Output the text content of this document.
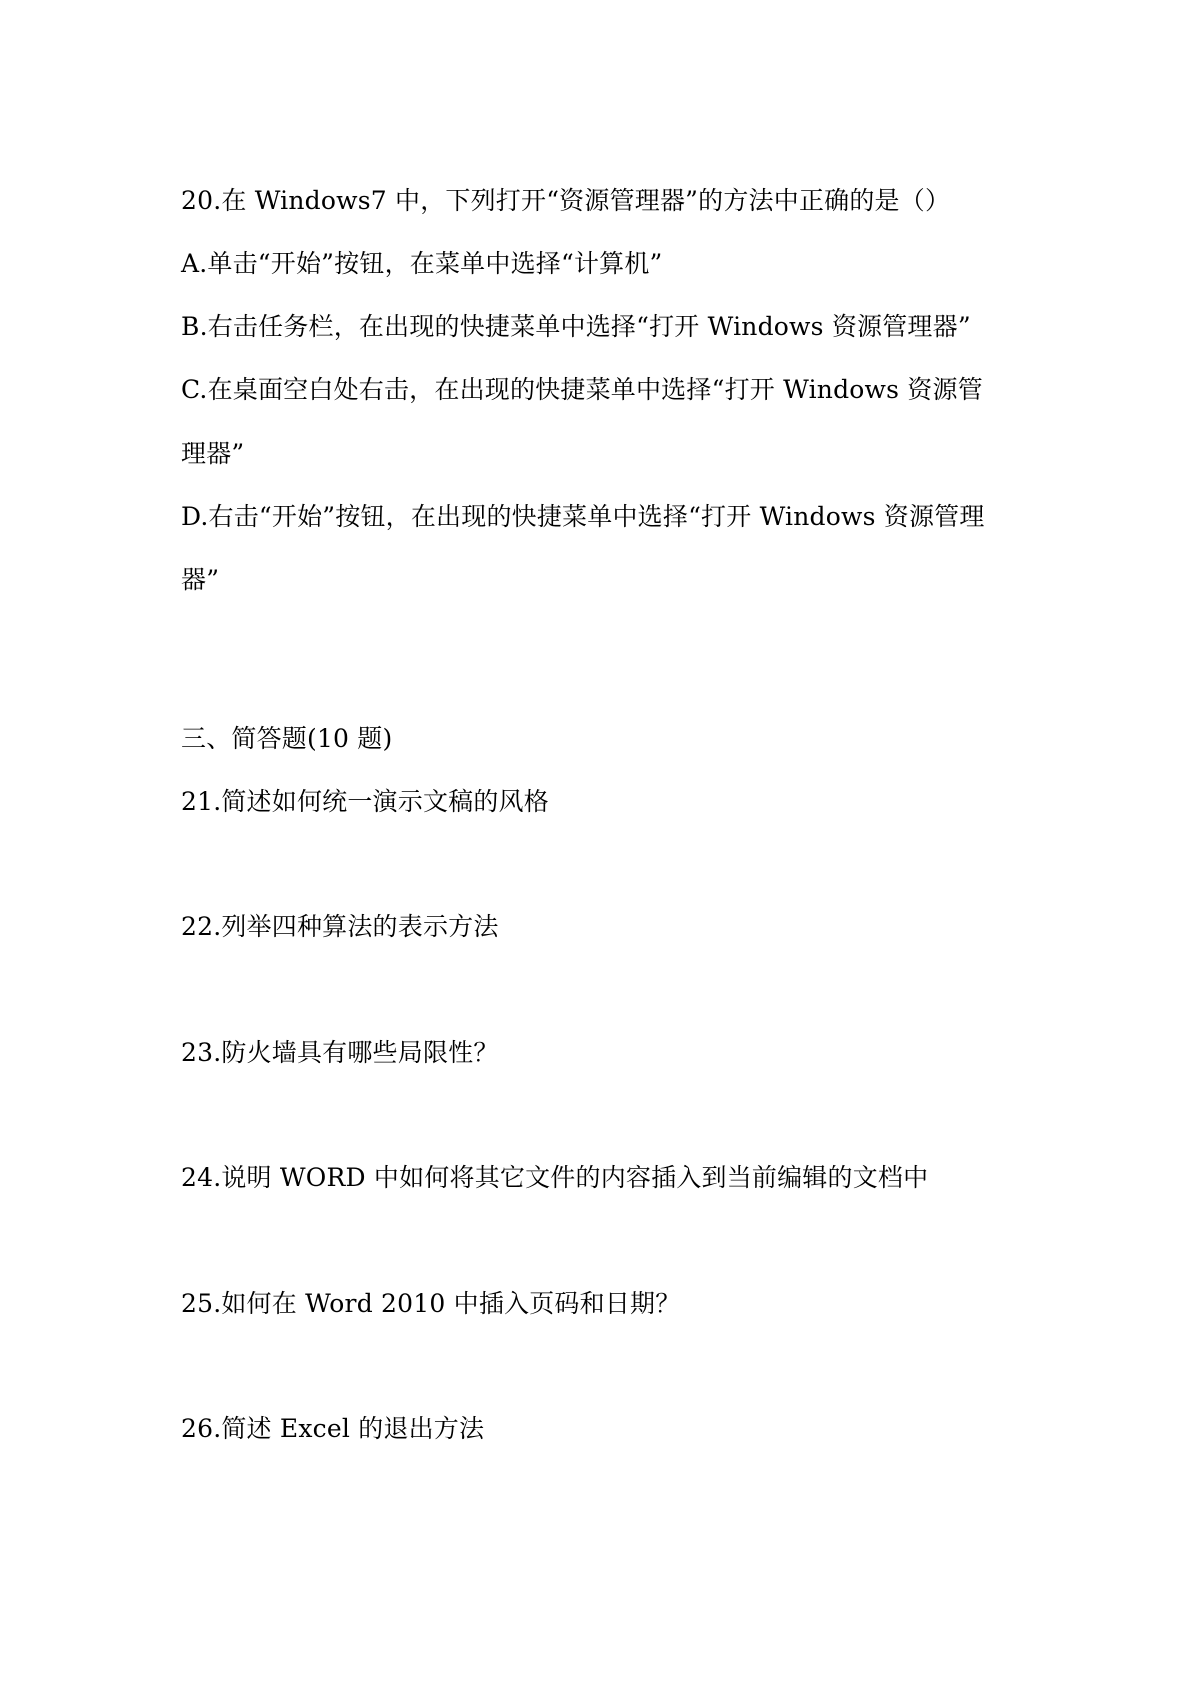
20.在 Windows7 中，下列打开“资源管理器”的方法中正确的是（）
A.单击“开始”按钮，在菜单中选择“计算机”
B.右击任务栏，在出现的快捷菜单中选择“打开 Windows 资源管理器”
C.在桌面空白处右击，在出现的快捷菜单中选择“打开 Windows 资源管
理器”
D.右击“开始”按钮，在出现的快捷菜单中选择“打开 Windows 资源管理
器”
三、简答题(10 题)
21.简述如何统一演示文稿的风格
22.列举四种算法的表示方法
23.防火墙具有哪些局限性？
24.说明 WORD 中如何将其它文件的内容插入到当前编辑的文档中
25.如何在 Word 2010 中插入页码和日期？
26.简述 Excel 的退出方法
